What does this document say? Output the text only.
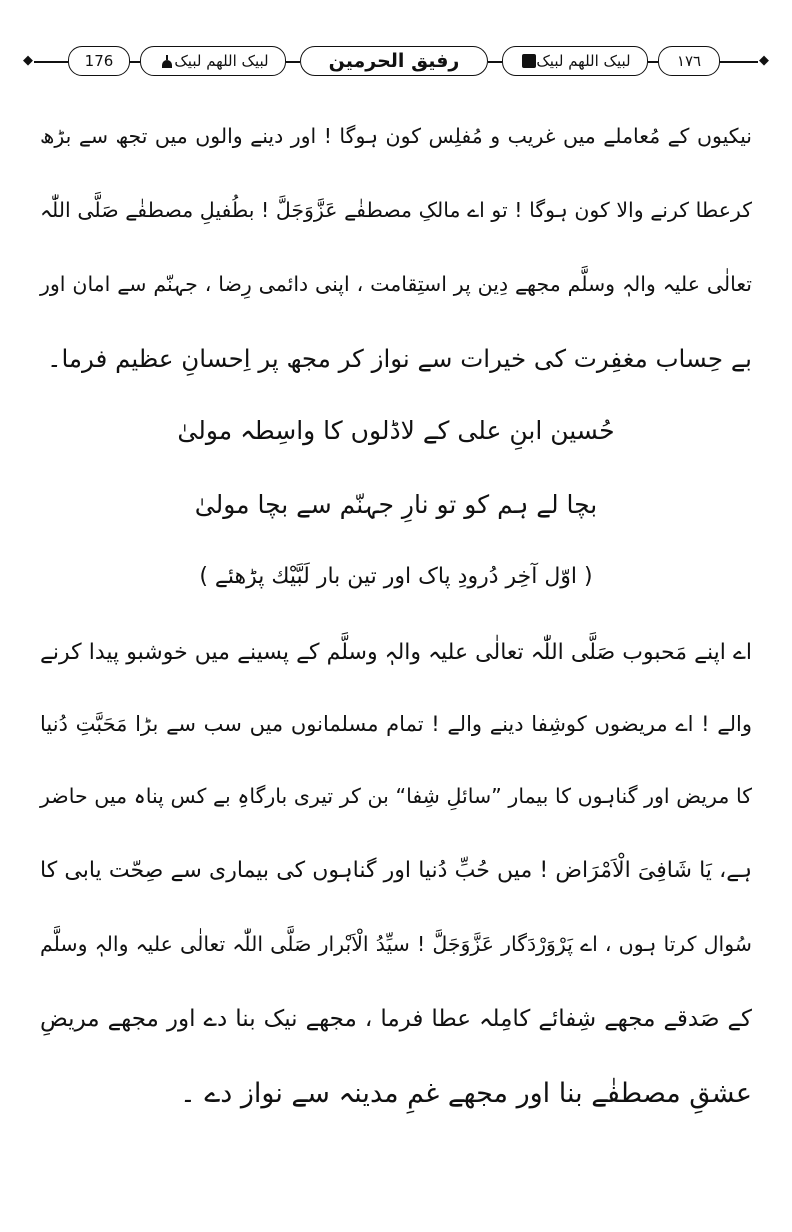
◆	176	لبیک اللھم لبیک	رفیق الحرمین	لبیک اللھم لبیک	١٧٦	◆
نیکیوں کے مُعاملے میں غریب و مُفلِس کون ہوگا ! اور دینے والوں میں تجھ سے بڑھ
کرعطا کرنے والا کون ہوگا ! تو اے مالکِ مصطفٰے عَزَّوَجَلَّ ! بطُفیلِ مصطفٰے صَلَّی اللّٰہ
تعالٰی علیہ والہٖ وسلَّم مجھے دِین پر استِقامت ، اپنی دائمی رِضا ، جہنّم سے امان اور
بے حِساب مغفِرت کی خیرات سے نواز کر مجھ پر اِحسانِ عظیم فرما۔
حُسین ابنِ علی کے لاڈلوں کا واسِطہ مولیٰ
بچا لے ہم کو تو نارِ جہنّم سے بچا مولیٰ
( اوّل آخِر دُرودِ پاک اور تین بار لَبَّیْك پڑھئے )
اے اپنے مَحبوب صَلَّی اللّٰہ تعالٰی علیہ والہٖ وسلَّم کے پسینے میں خوشبو پیدا کرنے
والے ! اے مریضوں کوشِفا دینے والے ! تمام مسلمانوں میں سب سے بڑا مَحَبَّتِ دُنیا
کا مریض اور گناہوں کا بیمار ”سائلِ شِفا“ بن کر تیری بارگاہِ بے کس پناہ میں حاضر
ہے، یَا شَافِیَ الْاَمْرَاض ! میں حُبِّ دُنیا اور گناہوں کی بیماری سے صِحّت یابی کا
سُوال کرتا ہوں ، اے پَرْوَرْدَگار عَزَّوَجَلَّ ! سیِّدُ الْاَبْرار صَلَّی اللّٰہ تعالٰی علیہ والہٖ وسلَّم
کے صَدقے مجھے شِفائے کامِلہ عطا فرما ، مجھے نیک بنا دے اور مجھے مریضِ
عشقِ مصطفٰے بنا اور مجھے غمِ مدینہ سے نواز دے ۔
